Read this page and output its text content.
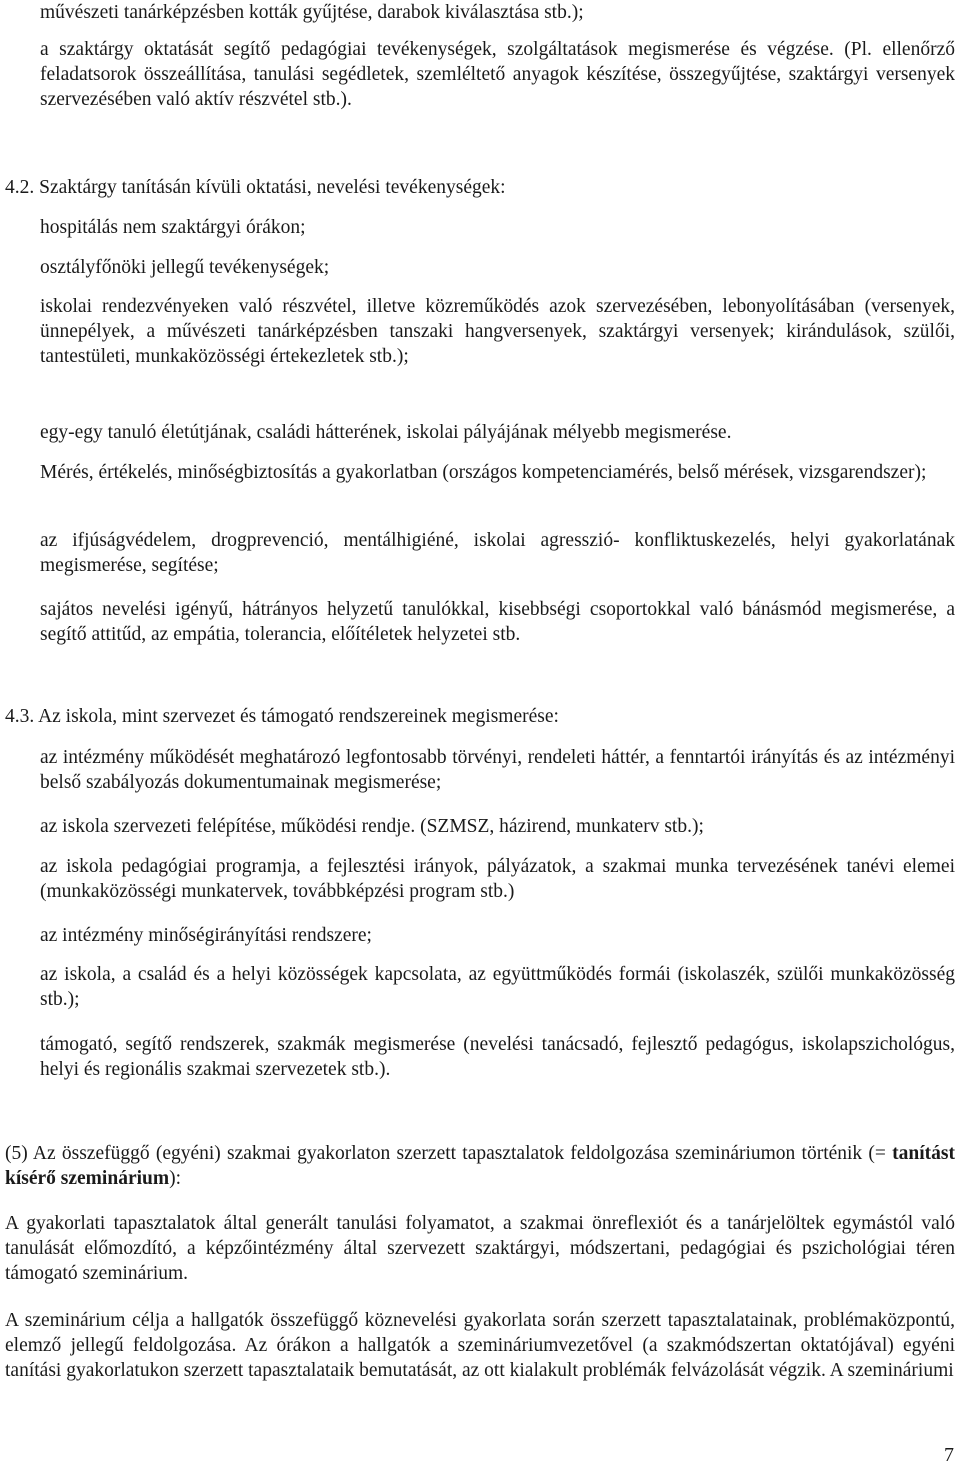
művészeti tanárképzésben kották gyűjtése, darabok kiválasztása stb.);

a szaktárgy oktatását segítő pedagógiai tevékenységek, szolgáltatások megismerése és végzése. (Pl. ellenőrző feladatsorok összeállítása, tanulási segédletek, szemléltető anyagok készítése, összegyűjtése, szaktárgyi versenyek szervezésében való aktív részvétel stb.).

4.2. Szaktárgy tanításán kívüli oktatási, nevelési tevékenységek:

hospitálás nem szaktárgyi órákon;

osztályfőnöki jellegű tevékenységek;

iskolai rendezvényeken való részvétel, illetve közreműködés azok szervezésében, lebonyolításában (versenyek, ünnepélyek, a művészeti tanárképzésben tanszaki hangversenyek, szaktárgyi versenyek; kirándulások, szülői, tantestületi, munkaközösségi értekezletek stb.);

egy-egy tanuló életútjának, családi hátterének, iskolai pályájának mélyebb megismerése.

Mérés, értékelés, minőségbiztosítás a gyakorlatban (országos kompetenciamérés, belső mérések, vizsgarendszer);

az ifjúságvédelem, drogprevenció, mentálhigiéné, iskolai agresszió- konfliktuskezelés, helyi gyakorlatának megismerése, segítése;

sajátos nevelési igényű, hátrányos helyzetű tanulókkal, kisebbségi csoportokkal való bánásmód megismerése, a segítő attitűd, az empátia, tolerancia, előítéletek helyzetei stb.

4.3. Az iskola, mint szervezet és támogató rendszereinek megismerése:

az intézmény működését meghatározó legfontosabb törvényi, rendeleti háttér, a fenntartói irányítás és az intézményi belső szabályozás dokumentumainak megismerése;

az iskola szervezeti felépítése, működési rendje. (SZMSZ, házirend, munkaterv stb.);

az iskola pedagógiai programja, a fejlesztési irányok, pályázatok, a szakmai munka tervezésének tanévi elemei (munkaközösségi munkatervek, továbbképzési program stb.)

az intézmény minőségirányítási rendszere;

az iskola, a család és a helyi közösségek kapcsolata, az együttműködés formái (iskolaszék, szülői munkaközösség stb.);

támogató, segítő rendszerek, szakmák megismerése (nevelési tanácsadó, fejlesztő pedagógus, iskolapszichológus, helyi és regionális szakmai szervezetek stb.).

(5) Az összefüggő (egyéni) szakmai gyakorlaton szerzett tapasztalatok feldolgozása szemináriumon történik (= tanítást kísérő szeminárium):

A gyakorlati tapasztalatok által generált tanulási folyamatot, a szakmai önreflexiót és a tanárjelöltek egymástól való tanulását előmozdító, a képzőintézmény által szervezett szaktárgyi, módszertani, pedagógiai és pszichológiai téren támogató szeminárium.

A szeminárium célja a hallgatók összefüggő köznevelési gyakorlata során szerzett tapasztalatainak, problémaközpontú, elemző jellegű feldolgozása. Az órákon a hallgatók a szemináriumvezetővel (a szakmódszertan oktatójával) egyéni tanítási gyakorlatukon szerzett tapasztalataik bemutatását, az ott kialakult problémák felvázolását végzik. A szemináriumi

7
